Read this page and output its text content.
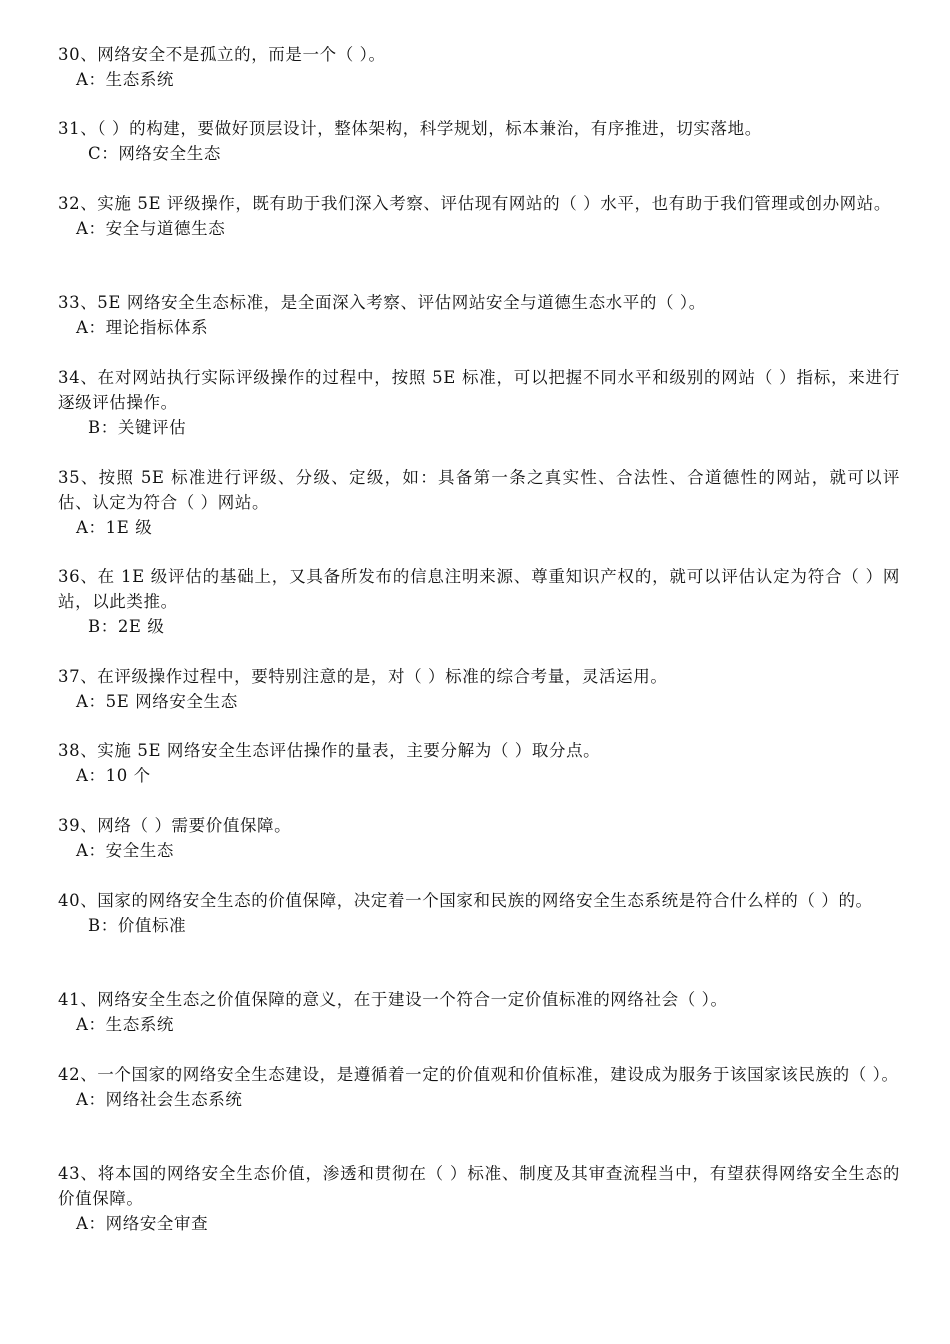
30、网络安全不是孤立的，而是一个（ ）。

A：生态系统

31、（ ）的构建，要做好顶层设计，整体架构，科学规划，标本兼治，有序推进，切实落地。

C：网络安全生态

32、实施 5E 评级操作，既有助于我们深入考察、评估现有网站的（ ）水平，也有助于我们管理或创办网站。

A：安全与道德生态

33、5E 网络安全生态标准，是全面深入考察、评估网站安全与道德生态水平的（ ）。

A：理论指标体系

34、在对网站执行实际评级操作的过程中，按照 5E 标准，可以把握不同水平和级别的网站（ ）指标，来进行逐级评估操作。

B：关键评估

35、按照 5E 标准进行评级、分级、定级，如：具备第一条之真实性、合法性、合道德性的网站，就可以评估、认定为符合（ ）网站。

A：1E 级

36、在 1E 级评估的基础上，又具备所发布的信息注明来源、尊重知识产权的，就可以评估认定为符合（ ）网站，以此类推。

B：2E 级

37、在评级操作过程中，要特别注意的是，对（ ）标准的综合考量，灵活运用。

A：5E 网络安全生态

38、实施 5E 网络安全生态评估操作的量表，主要分解为（ ）取分点。

A：10 个

39、网络（ ）需要价值保障。

A：安全生态

40、国家的网络安全生态的价值保障，决定着一个国家和民族的网络安全生态系统是符合什么样的（ ）的。

B：价值标准

41、网络安全生态之价值保障的意义，在于建设一个符合一定价值标准的网络社会（ ）。

A：生态系统

42、一个国家的网络安全生态建设，是遵循着一定的价值观和价值标准，建设成为服务于该国家该民族的（ ）。

A：网络社会生态系统

43、将本国的网络安全生态价值，渗透和贯彻在（ ）标准、制度及其审查流程当中，有望获得网络安全生态的价值保障。

A：网络安全审查
